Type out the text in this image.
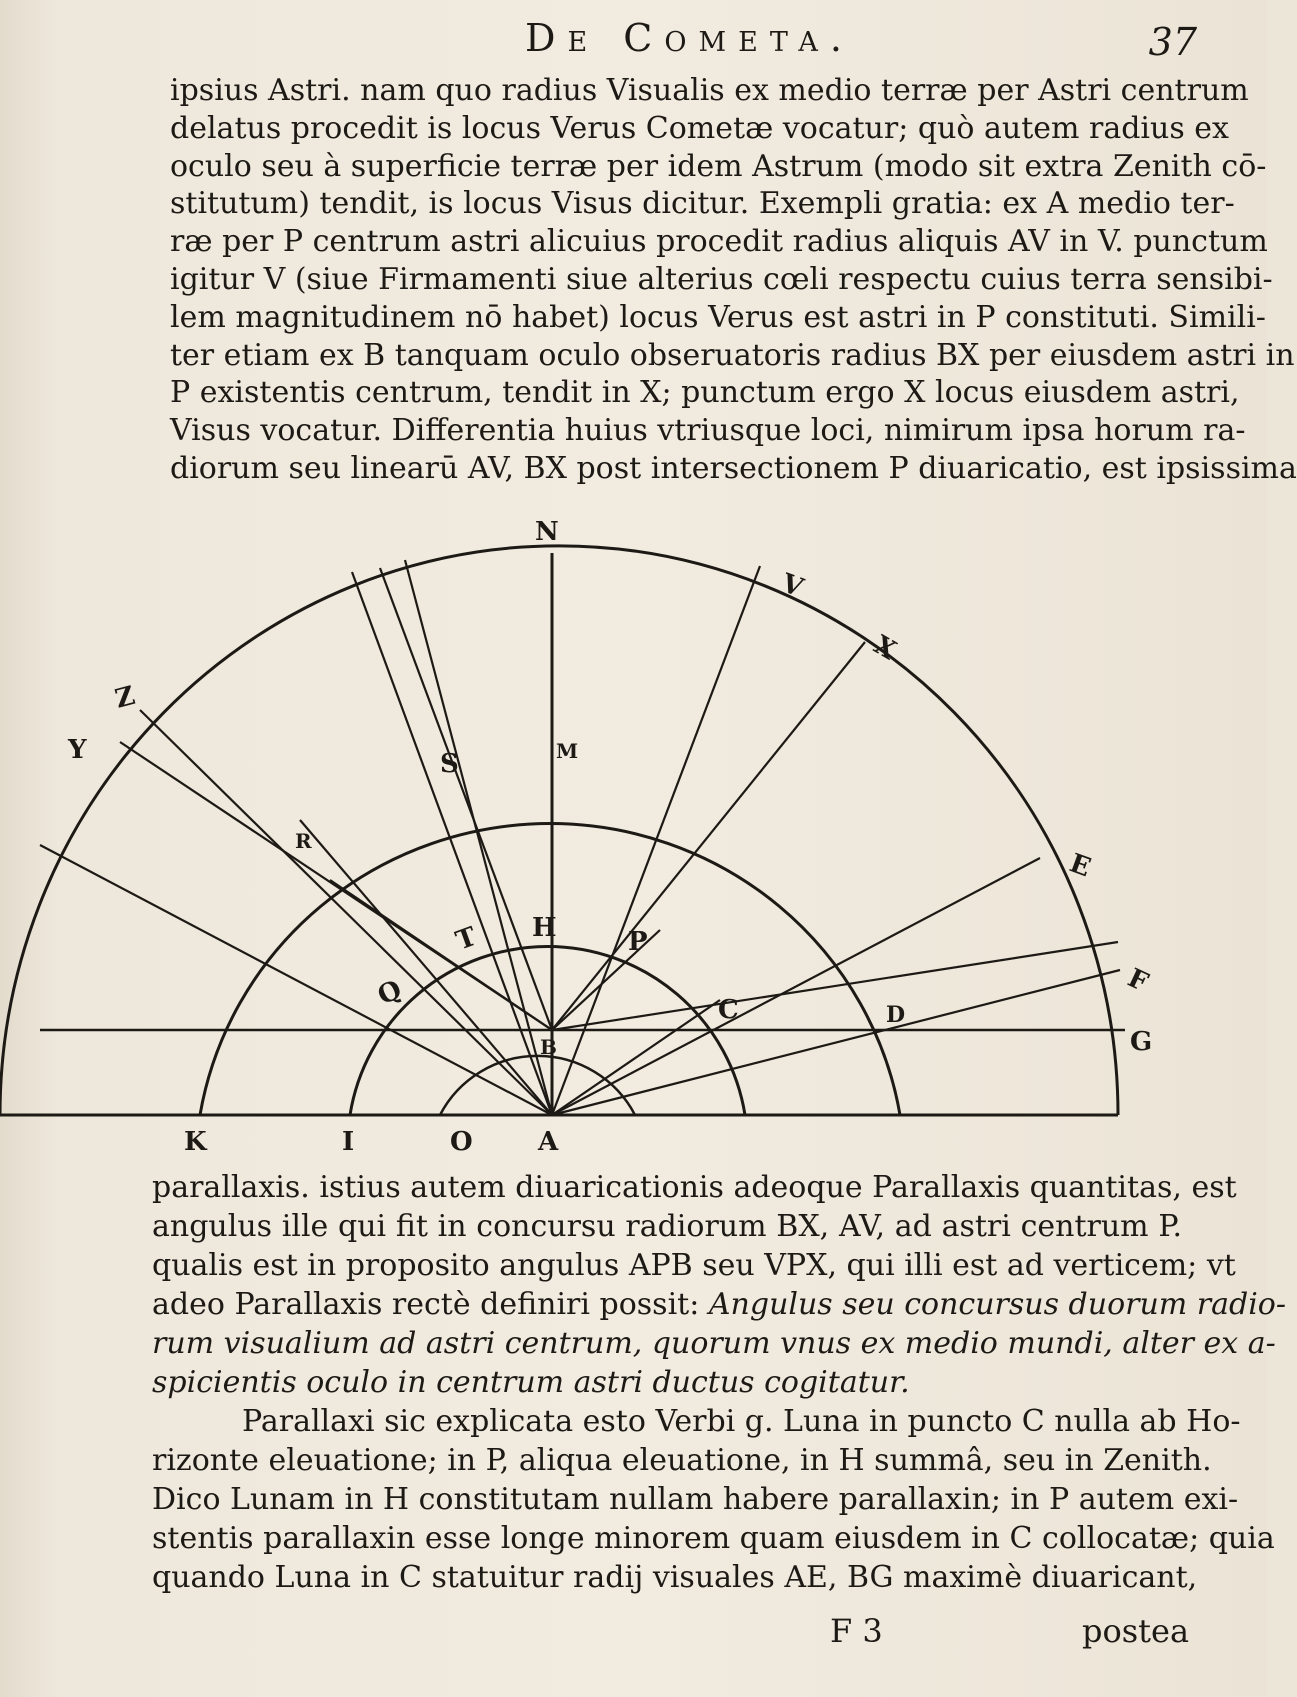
De Cometa.	37
ipsius Astri. nam quo radius Visualis ex medio terræ per Astri centrum
delatus procedit is locus Verus Cometæ vocatur; quò autem radius ex
oculo seu à superficie terræ per idem Astrum (modo sit extra Zenith cō-
stitutum) tendit, is locus Visus dicitur. Exempli gratia: ex A medio ter-
ræ per P centrum astri alicuius procedit radius aliquis AV in V. punctum
igitur V (siue Firmamenti siue alterius cœli respectu cuius terra sensibi-
lem magnitudinem nō habet) locus Verus est astri in P constituti. Simili-
ter etiam ex B tanquam oculo obseruatoris radius BX per eiusdem astri in
P existentis centrum, tendit in X; punctum ergo X locus eiusdem astri,
Visus vocatur. Differentia huius vtriusque loci, nimirum ipsa horum ra-
diorum seu linearū AV, BX post intersectionem P diuaricatio, est ipsissima
N
V
X
Z
Y	S	M
R
T H	P
Q	C	D
E
F
G
B
K	I	O	A
parallaxis. istius autem diuaricationis adeoque Parallaxis quantitas, est
angulus ille qui fit in concursu radiorum BX, AV, ad astri centrum P.
qualis est in proposito angulus APB seu VPX, qui illi est ad verticem; vt
adeo Parallaxis rectè definiri possit: Angulus seu concursus duorum radio-
rum visualium ad astri centrum, quorum vnus ex medio mundi, alter ex a-
spicientis oculo in centrum astri ductus cogitatur.
Parallaxi sic explicata esto Verbi g. Luna in puncto C nulla ab Ho-
rizonte eleuatione; in P, aliqua eleuatione, in H summâ, seu in Zenith.
Dico Lunam in H constitutam nullam habere parallaxin; in P autem exi-
stentis parallaxin esse longe minorem quam eiusdem in C collocatæ; quia
quando Luna in C statuitur radij visuales AE, BG maximè diuaricant,
F 3	postea
